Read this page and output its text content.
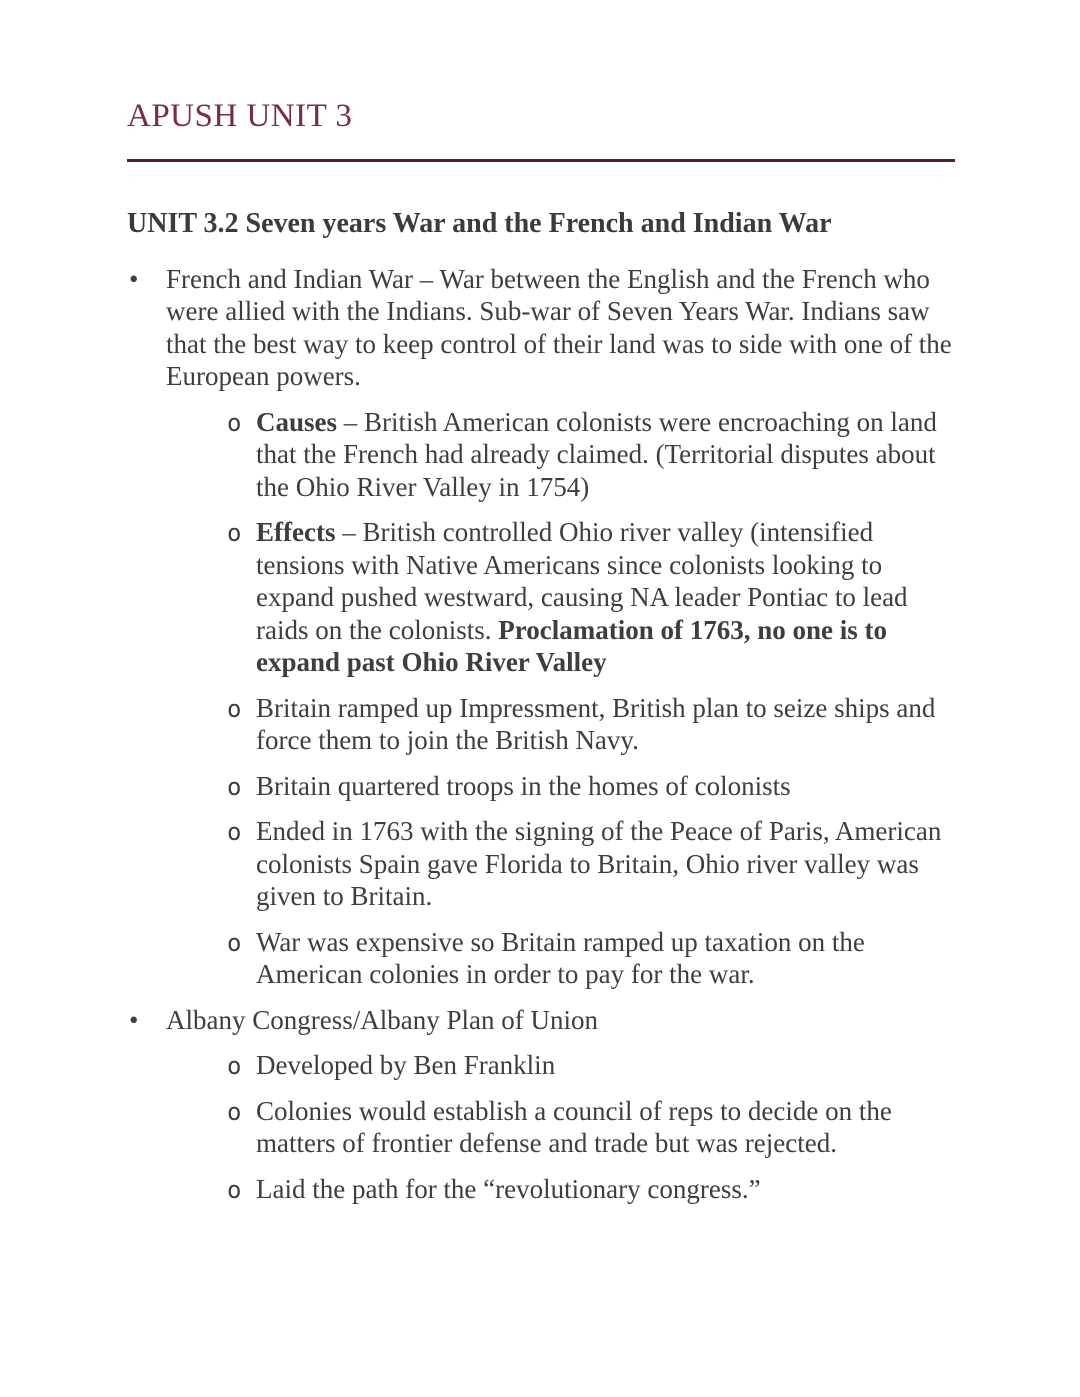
APUSH UNIT 3
UNIT 3.2 Seven years War and the French and Indian War
• French and Indian War – War between the English and the French who were allied with the Indians. Sub-war of Seven Years War. Indians saw that the best way to keep control of their land was to side with one of the European powers.
o Causes – British American colonists were encroaching on land that the French had already claimed. (Territorial disputes about the Ohio River Valley in 1754)
o Effects – British controlled Ohio river valley (intensified tensions with Native Americans since colonists looking to expand pushed westward, causing NA leader Pontiac to lead raids on the colonists. Proclamation of 1763, no one is to expand past Ohio River Valley
o Britain ramped up Impressment, British plan to seize ships and force them to join the British Navy.
o Britain quartered troops in the homes of colonists
o Ended in 1763 with the signing of the Peace of Paris, American colonists Spain gave Florida to Britain, Ohio river valley was given to Britain.
o War was expensive so Britain ramped up taxation on the American colonies in order to pay for the war.
• Albany Congress/Albany Plan of Union
o Developed by Ben Franklin
o Colonies would establish a council of reps to decide on the matters of frontier defense and trade but was rejected.
o Laid the path for the “revolutionary congress.”
